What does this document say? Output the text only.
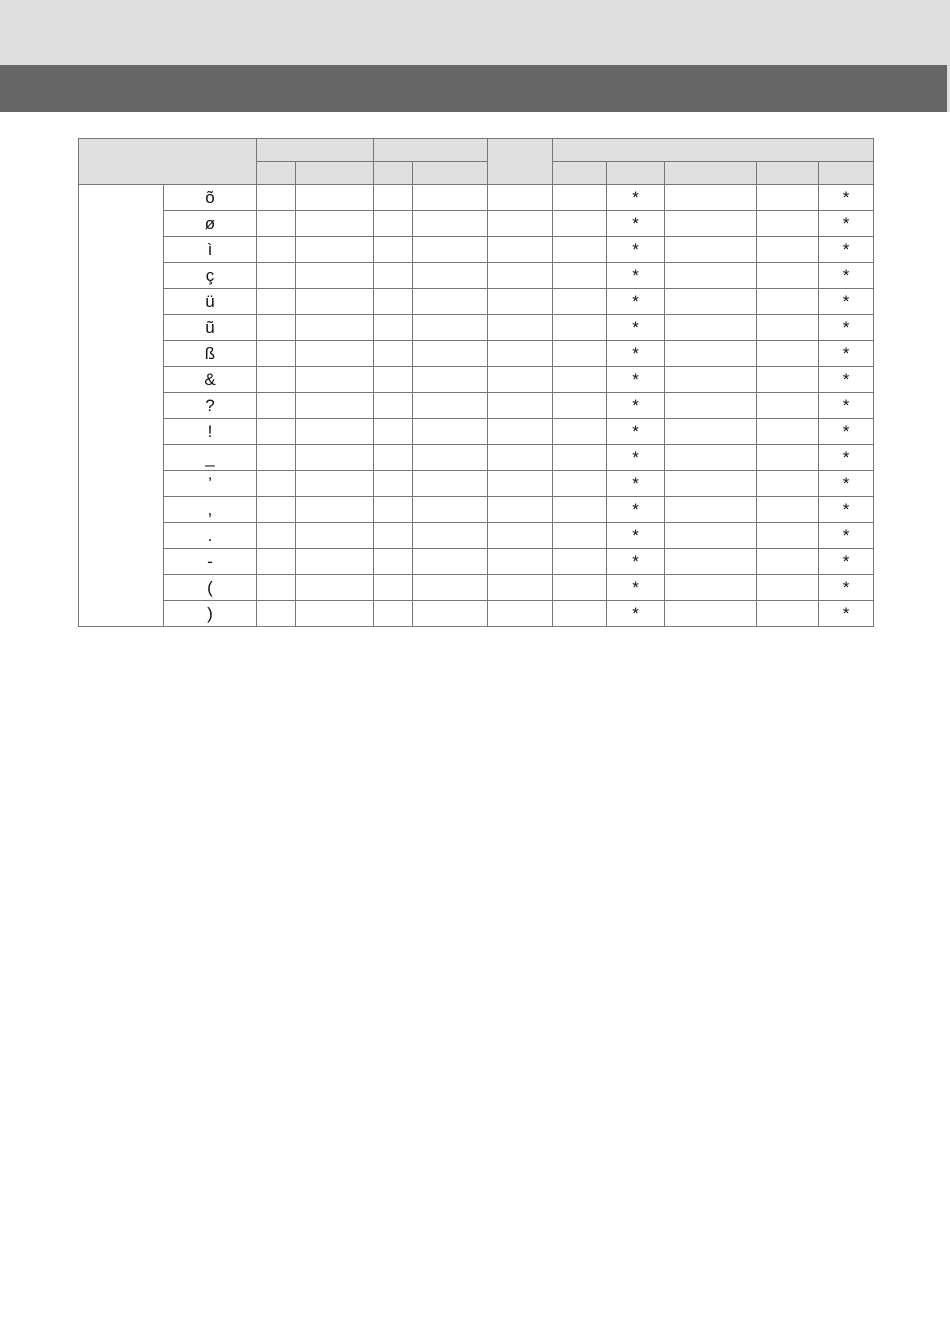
	õ							*			*
	ø							*			*
	ì							*			*
	ç							*			*
	ü							*			*
	ũ							*			*
	ß							*			*
	&							*			*
	?							*			*
	!							*			*
	_							*			*
	’							*			*
	,							*			*
	.							*			*
	-							*			*
	(							*			*
	)							*			*
